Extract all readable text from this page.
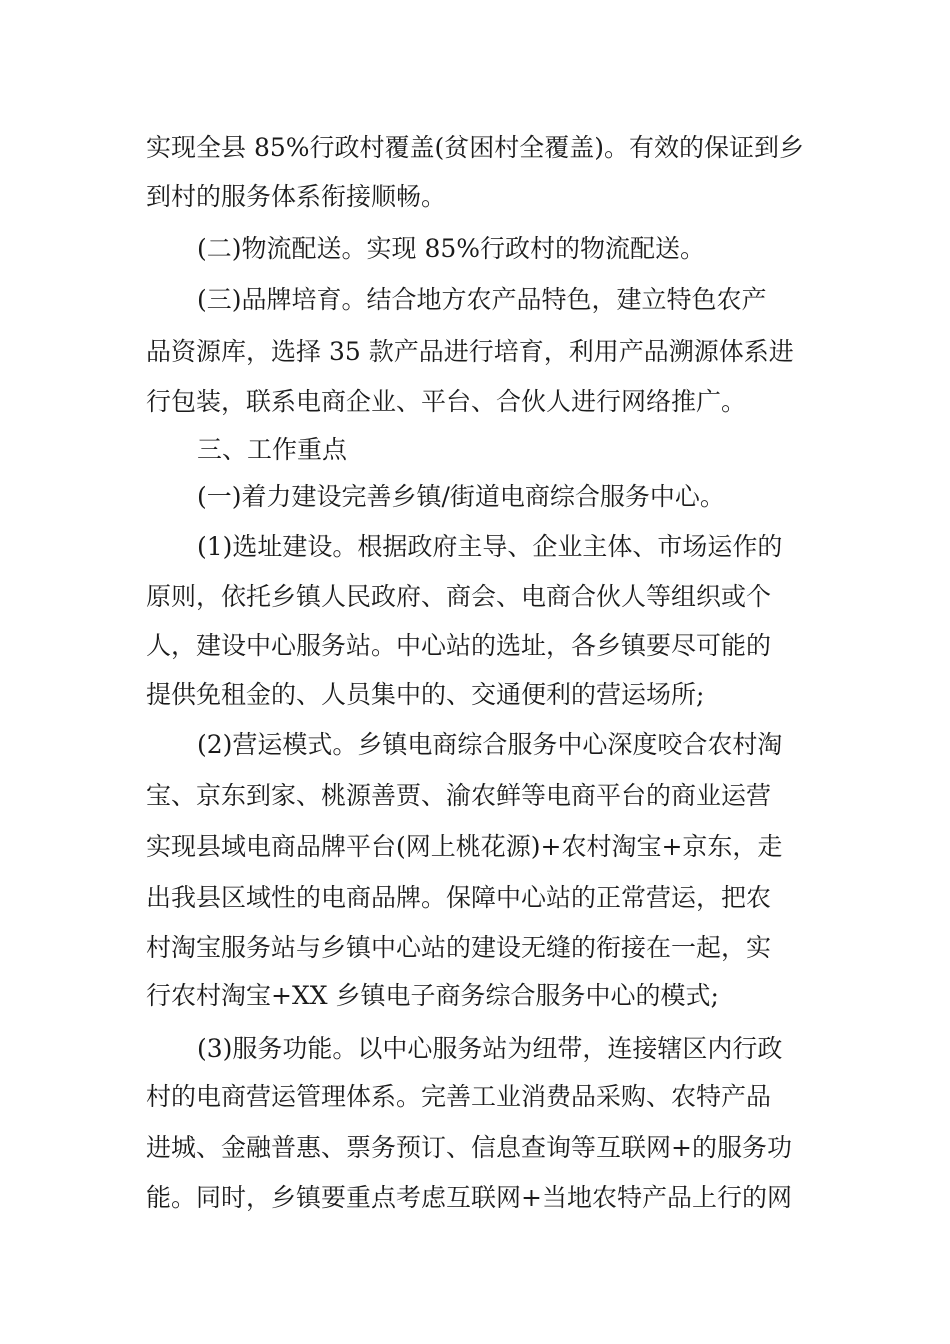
实现全县 85%行政村覆盖(贫困村全覆盖)。有效的保证到乡
到村的服务体系衔接顺畅。
(二)物流配送。实现 85%行政村的物流配送。
(三)品牌培育。结合地方农产品特色，建立特色农产
品资源库，选择 35 款产品进行培育，利用产品溯源体系进
行包装，联系电商企业、平台、合伙人进行网络推广。
三、工作重点
(一)着力建设完善乡镇/街道电商综合服务中心。
(1)选址建设。根据政府主导、企业主体、市场运作的
原则，依托乡镇人民政府、商会、电商合伙人等组织或个
人，建设中心服务站。中心站的选址，各乡镇要尽可能的
提供免租金的、人员集中的、交通便利的营运场所;
(2)营运模式。乡镇电商综合服务中心深度咬合农村淘
宝、京东到家、桃源善贾、渝农鲜等电商平台的商业运营
实现县域电商品牌平台(网上桃花源)+农村淘宝+京东，走
出我县区域性的电商品牌。保障中心站的正常营运，把农
村淘宝服务站与乡镇中心站的建设无缝的衔接在一起，实
行农村淘宝+XX 乡镇电子商务综合服务中心的模式;
(3)服务功能。以中心服务站为纽带，连接辖区内行政
村的电商营运管理体系。完善工业消费品采购、农特产品
进城、金融普惠、票务预订、信息查询等互联网+的服务功
能。同时，乡镇要重点考虑互联网+当地农特产品上行的网
